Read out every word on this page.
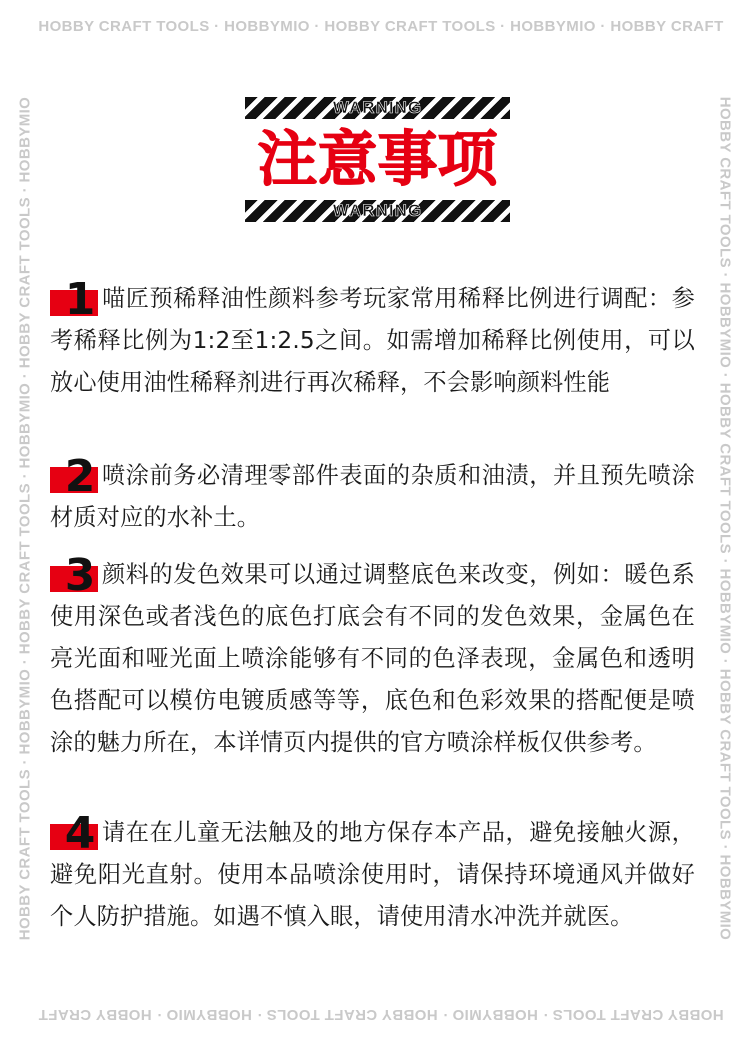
HOBBY CRAFT TOOLS · HOBBYMIO · HOBBY CRAFT TOOLS · HOBBYMIO · HOBBY CRAFT
HOBBY CRAFT TOOLS · HOBBYMIO · HOBBY CRAFT TOOLS · HOBBYMIO · HOBBY CRAFT
HOBBY CRAFT TOOLS · HOBBYMIO · HOBBY CRAFT TOOLS · HOBBYMIO · HOBBY CRAFT TOOLS · HOBBYMIO	HOBBY CRAFT TOOLS · HOBBYMIO · HOBBY CRAFT TOOLS · HOBBYMIO · HOBBY CRAFT TOOLS · HOBBYMIO
WARNING
注意事项
WARNING
1 喵匠预稀释油性颜料参考玩家常用稀释比例进行调配：参考稀释比例为1:2至1:2.5之间。如需增加稀释比例使用，可以放心使用油性稀释剂进行再次稀释，不会影响颜料性能

2 喷涂前务必清理零部件表面的杂质和油渍，并且预先喷涂材质对应的水补土。

3 颜料的发色效果可以通过调整底色来改变，例如：暖色系使用深色或者浅色的底色打底会有不同的发色效果，金属色在亮光面和哑光面上喷涂能够有不同的色泽表现，金属色和透明色搭配可以模仿电镀质感等等，底色和色彩效果的搭配便是喷涂的魅力所在，本详情页内提供的官方喷涂样板仅供参考。

4 请在在儿童无法触及的地方保存本产品，避免接触火源，避免阳光直射。使用本品喷涂使用时，请保持环境通风并做好个人防护措施。如遇不慎入眼，请使用清水冲洗并就医。
